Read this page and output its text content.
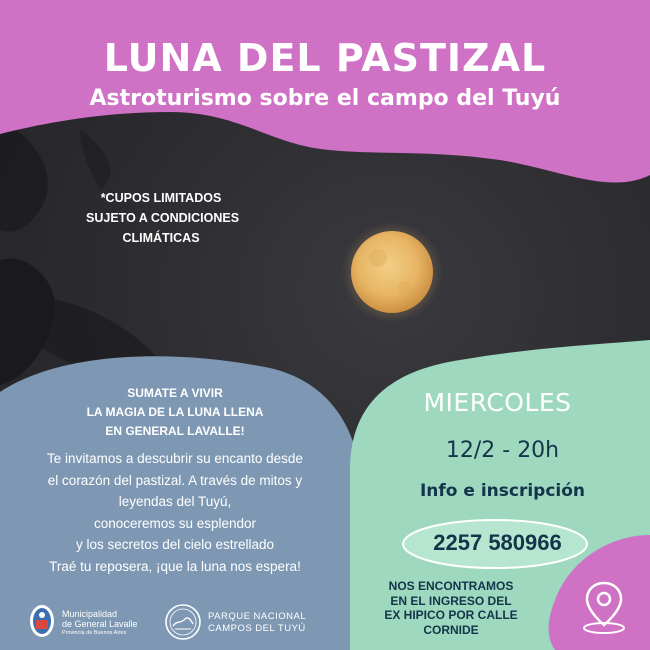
LUNA DEL PASTIZAL
Astroturismo sobre el campo del Tuyú
*CUPOS LIMITADOS
SUJETO A CONDICIONES
CLIMÁTICAS
SUMATE A VIVIR
LA MAGIA DE LA LUNA LLENA
EN GENERAL LAVALLE!
Te invitamos a descubrir su encanto desde
el corazón del pastizal. A través de mitos y
leyendas del Tuyú,
conoceremos su esplendor
y los secretos del cielo estrellado
Traé tu reposera, ¡que la luna nos espera!
MIERCOLES
12/2 - 20h
Info e inscripción
2257 580966
NOS ENCONTRAMOS
EN EL INGRESO DEL
EX HIPICO POR CALLE
CORNIDE
Municipalidad
de General Lavalle
Provincia de Buenos Aires
PARQUE NACIONAL
CAMPOS DEL TUYÚ
